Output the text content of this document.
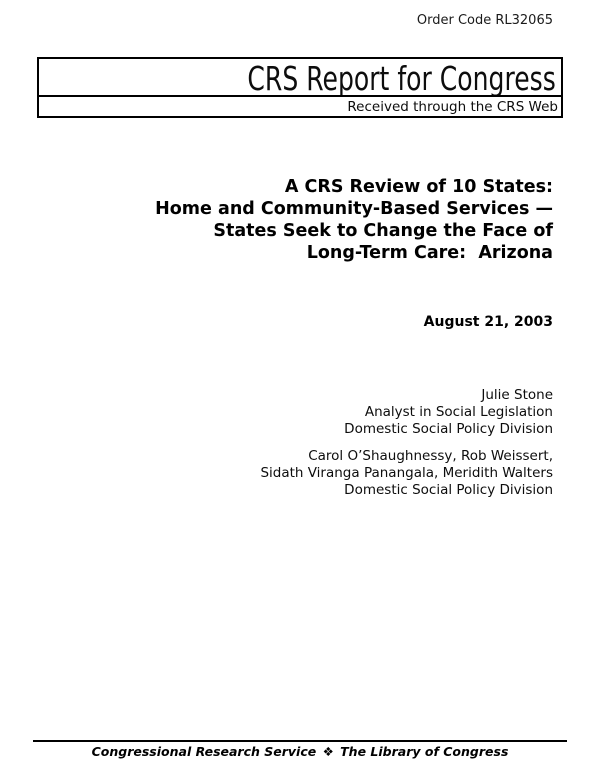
Order Code RL32065
CRS Report for Congress
Received through the CRS Web
A CRS Review of 10 States:
Home and Community-Based Services —
States Seek to Change the Face of
Long-Term Care:  Arizona
August 21, 2003
Julie Stone
Analyst in Social Legislation
Domestic Social Policy Division
Carol O’Shaughnessy, Rob Weissert,
Sidath Viranga Panangala, Meridith Walters
Domestic Social Policy Division
Congressional Research Service ❖ The Library of Congress
